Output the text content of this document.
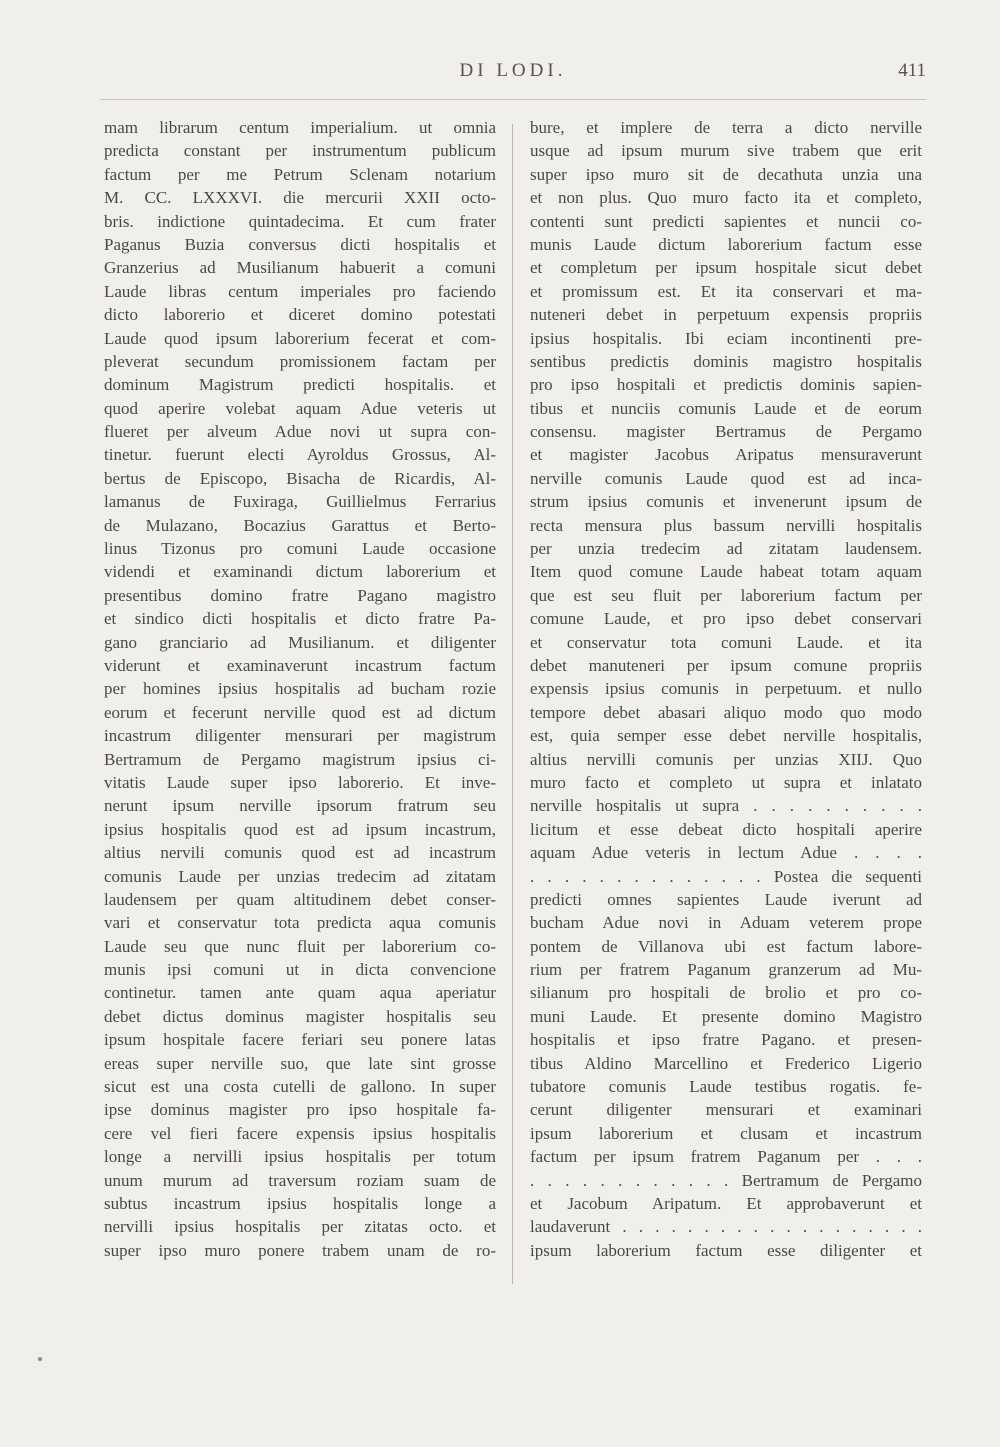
DI LODI.	411
mam librarum centum imperialium. ut omnia
predicta constant per instrumentum publicum
factum per me Petrum Sclenam notarium
M. CC. LXXXVI. die mercurii XXII octo-
bris. indictione quintadecima. Et cum frater
Paganus Buzia conversus dicti hospitalis et
Granzerius ad Musilianum habuerit a comuni
Laude libras centum imperiales pro faciendo
dicto laborerio et diceret domino potestati
Laude quod ipsum laborerium fecerat et com-
pleverat secundum promissionem factam per
dominum Magistrum predicti hospitalis. et
quod aperire volebat aquam Adue veteris ut
flueret per alveum Adue novi ut supra con-
tinetur. fuerunt electi Ayroldus Grossus, Al-
bertus de Episcopo, Bisacha de Ricardis, Al-
lamanus de Fuxiraga, Guillielmus Ferrarius
de Mulazano, Bocazius Garattus et Berto-
linus Tizonus pro comuni Laude occasione
videndi et examinandi dictum laborerium et
presentibus domino fratre Pagano magistro
et sindico dicti hospitalis et dicto fratre Pa-
gano granciario ad Musilianum. et diligenter
viderunt et examinaverunt incastrum factum
per homines ipsius hospitalis ad bucham rozie
eorum et fecerunt nerville quod est ad dictum
incastrum diligenter mensurari per magistrum
Bertramum de Pergamo magistrum ipsius ci-
vitatis Laude super ipso laborerio. Et inve-
nerunt ipsum nerville ipsorum fratrum seu
ipsius hospitalis quod est ad ipsum incastrum,
altius nervili comunis quod est ad incastrum
comunis Laude per unzias tredecim ad zitatam
laudensem per quam altitudinem debet conser-
vari et conservatur tota predicta aqua comunis
Laude seu que nunc fluit per laborerium co-
munis ipsi comuni ut in dicta convencione
continetur. tamen ante quam aqua aperiatur
debet dictus dominus magister hospitalis seu
ipsum hospitale facere feriari seu ponere latas
ereas super nerville suo, que late sint grosse
sicut est una costa cutelli de gallono. In super
ipse dominus magister pro ipso hospitale fa-
cere vel fieri facere expensis ipsius hospitalis
longe a nervilli ipsius hospitalis per totum
unum murum ad traversum roziam suam de
subtus incastrum ipsius hospitalis longe a
nervilli ipsius hospitalis per zitatas octo. et
super ipso muro ponere trabem unam de ro-
bure, et implere de terra a dicto nerville
usque ad ipsum murum sive trabem que erit
super ipso muro sit de decathuta unzia una
et non plus. Quo muro facto ita et completo,
contenti sunt predicti sapientes et nuncii co-
munis Laude dictum laborerium factum esse
et completum per ipsum hospitale sicut debet
et promissum est. Et ita conservari et ma-
nuteneri debet in perpetuum expensis propriis
ipsius hospitalis. Ibi eciam incontinenti pre-
sentibus predictis dominis magistro hospitalis
pro ipso hospitali et predictis dominis sapien-
tibus et nunciis comunis Laude et de eorum
consensu. magister Bertramus de Pergamo
et magister Jacobus Aripatus mensuraverunt
nerville comunis Laude quod est ad inca-
strum ipsius comunis et invenerunt ipsum de
recta mensura plus bassum nervilli hospitalis
per unzia tredecim ad zitatam laudensem.
Item quod comune Laude habeat totam aquam
que est seu fluit per laborerium factum per
comune Laude, et pro ipso debet conservari
et conservatur tota comuni Laude. et ita
debet manuteneri per ipsum comune propriis
expensis ipsius comunis in perpetuum. et nullo
tempore debet abasari aliquo modo quo modo
est, quia semper esse debet nerville hospitalis,
altius nervilli comunis per unzias XIIJ. Quo
muro facto et completo ut supra et inlatato
nerville hospitalis ut supra . . . . . . . . . .
licitum et esse debeat dicto hospitali aperire
aquam Adue veteris in lectum Adue . . . .
. . . . . . . . . . . . . . Postea die sequenti
predicti omnes sapientes Laude iverunt ad
bucham Adue novi in Aduam veterem prope
pontem de Villanova ubi est factum labore-
rium per fratrem Paganum granzerum ad Mu-
silianum pro hospitali de brolio et pro co-
muni Laude. Et presente domino Magistro
hospitalis et ipso fratre Pagano. et presen-
tibus Aldino Marcellino et Frederico Ligerio
tubatore comunis Laude testibus rogatis. fe-
cerunt diligenter mensurari et examinari
ipsum laborerium et clusam et incastrum
factum per ipsum fratrem Paganum per . . .
. . . . . . . . . . . . Bertramum de Pergamo
et Jacobum Aripatum. Et approbaverunt et
laudaverunt . . . . . . . . . . . . . . . . . . .
ipsum laborerium factum esse diligenter et
